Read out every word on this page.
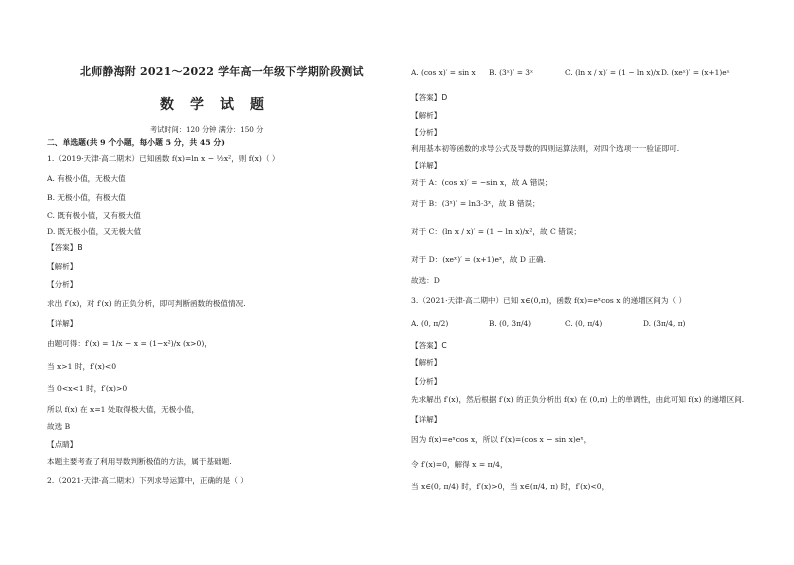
北师静海附 2021～2022 学年高一年级下学期阶段测试
数学试题
考试时间：120 分钟 满分：150 分
二、单选题(共 9 个小题，每小题 5 分，共 45 分)
1.（2019·天津·高二期末）已知函数 f(x)=ln x − ½x²，则 f(x)（ ）
A. 有极小值，无极大值
B. 无极小值，有极大值
C. 既有极小值，又有极大值
D. 既无极小值，又无极大值
【答案】B
【解析】
【分析】
求出 f′(x)，对 f′(x) 的正负分析，即可判断函数的极值情况.
【详解】
由题可得：f′(x) = 1/x − x = (1−x²)/x (x>0)，
当 x>1 时，f′(x)<0
当 0<x<1 时，f′(x)>0
所以 f(x) 在 x=1 处取得极大值，无极小值，
故选 B
【点睛】
本题主要考查了利用导数判断极值的方法，属于基础题.
2.（2021·天津·高二期末）下列求导运算中，正确的是（ ）
A. (cos x)′ = sin x B. (3ˣ)′ = 3ˣ	C. (ln x / x)′ = (1 − ln x)/x D. (xeˣ)′ = (x+1)eˣ
【答案】D
【解析】
【分析】
利用基本初等函数的求导公式及导数的四则运算法则，对四个选项一一验证即可.
【详解】
对于 A：(cos x)′ = −sin x，故 A 错误；
对于 B：(3ˣ)′ = ln3·3ˣ，故 B 错误；
对于 C：(ln x / x)′ = (1 − ln x)/x²，故 C 错误；
对于 D：(xeˣ)′ = (x+1)eˣ，故 D 正确.
故选：D
3.（2021·天津·高二期中）已知 x∈(0,π)，函数 f(x)=eˣcos x 的递增区间为（ ）
A. (0, π/2)	B. (0, 3π/4)	C. (0, π/4)	D. (3π/4, π)
【答案】C
【解析】
【分析】
先求解出 f′(x)，然后根据 f′(x) 的正负分析出 f(x) 在 (0,π) 上的单调性，由此可知 f(x) 的递增区间.
【详解】
因为 f(x)=eˣcos x，所以 f′(x)=(cos x − sin x)eˣ，
令 f′(x)=0，解得 x = π/4，
当 x∈(0, π/4) 时，f′(x)>0，当 x∈(π/4, π) 时，f′(x)<0，
